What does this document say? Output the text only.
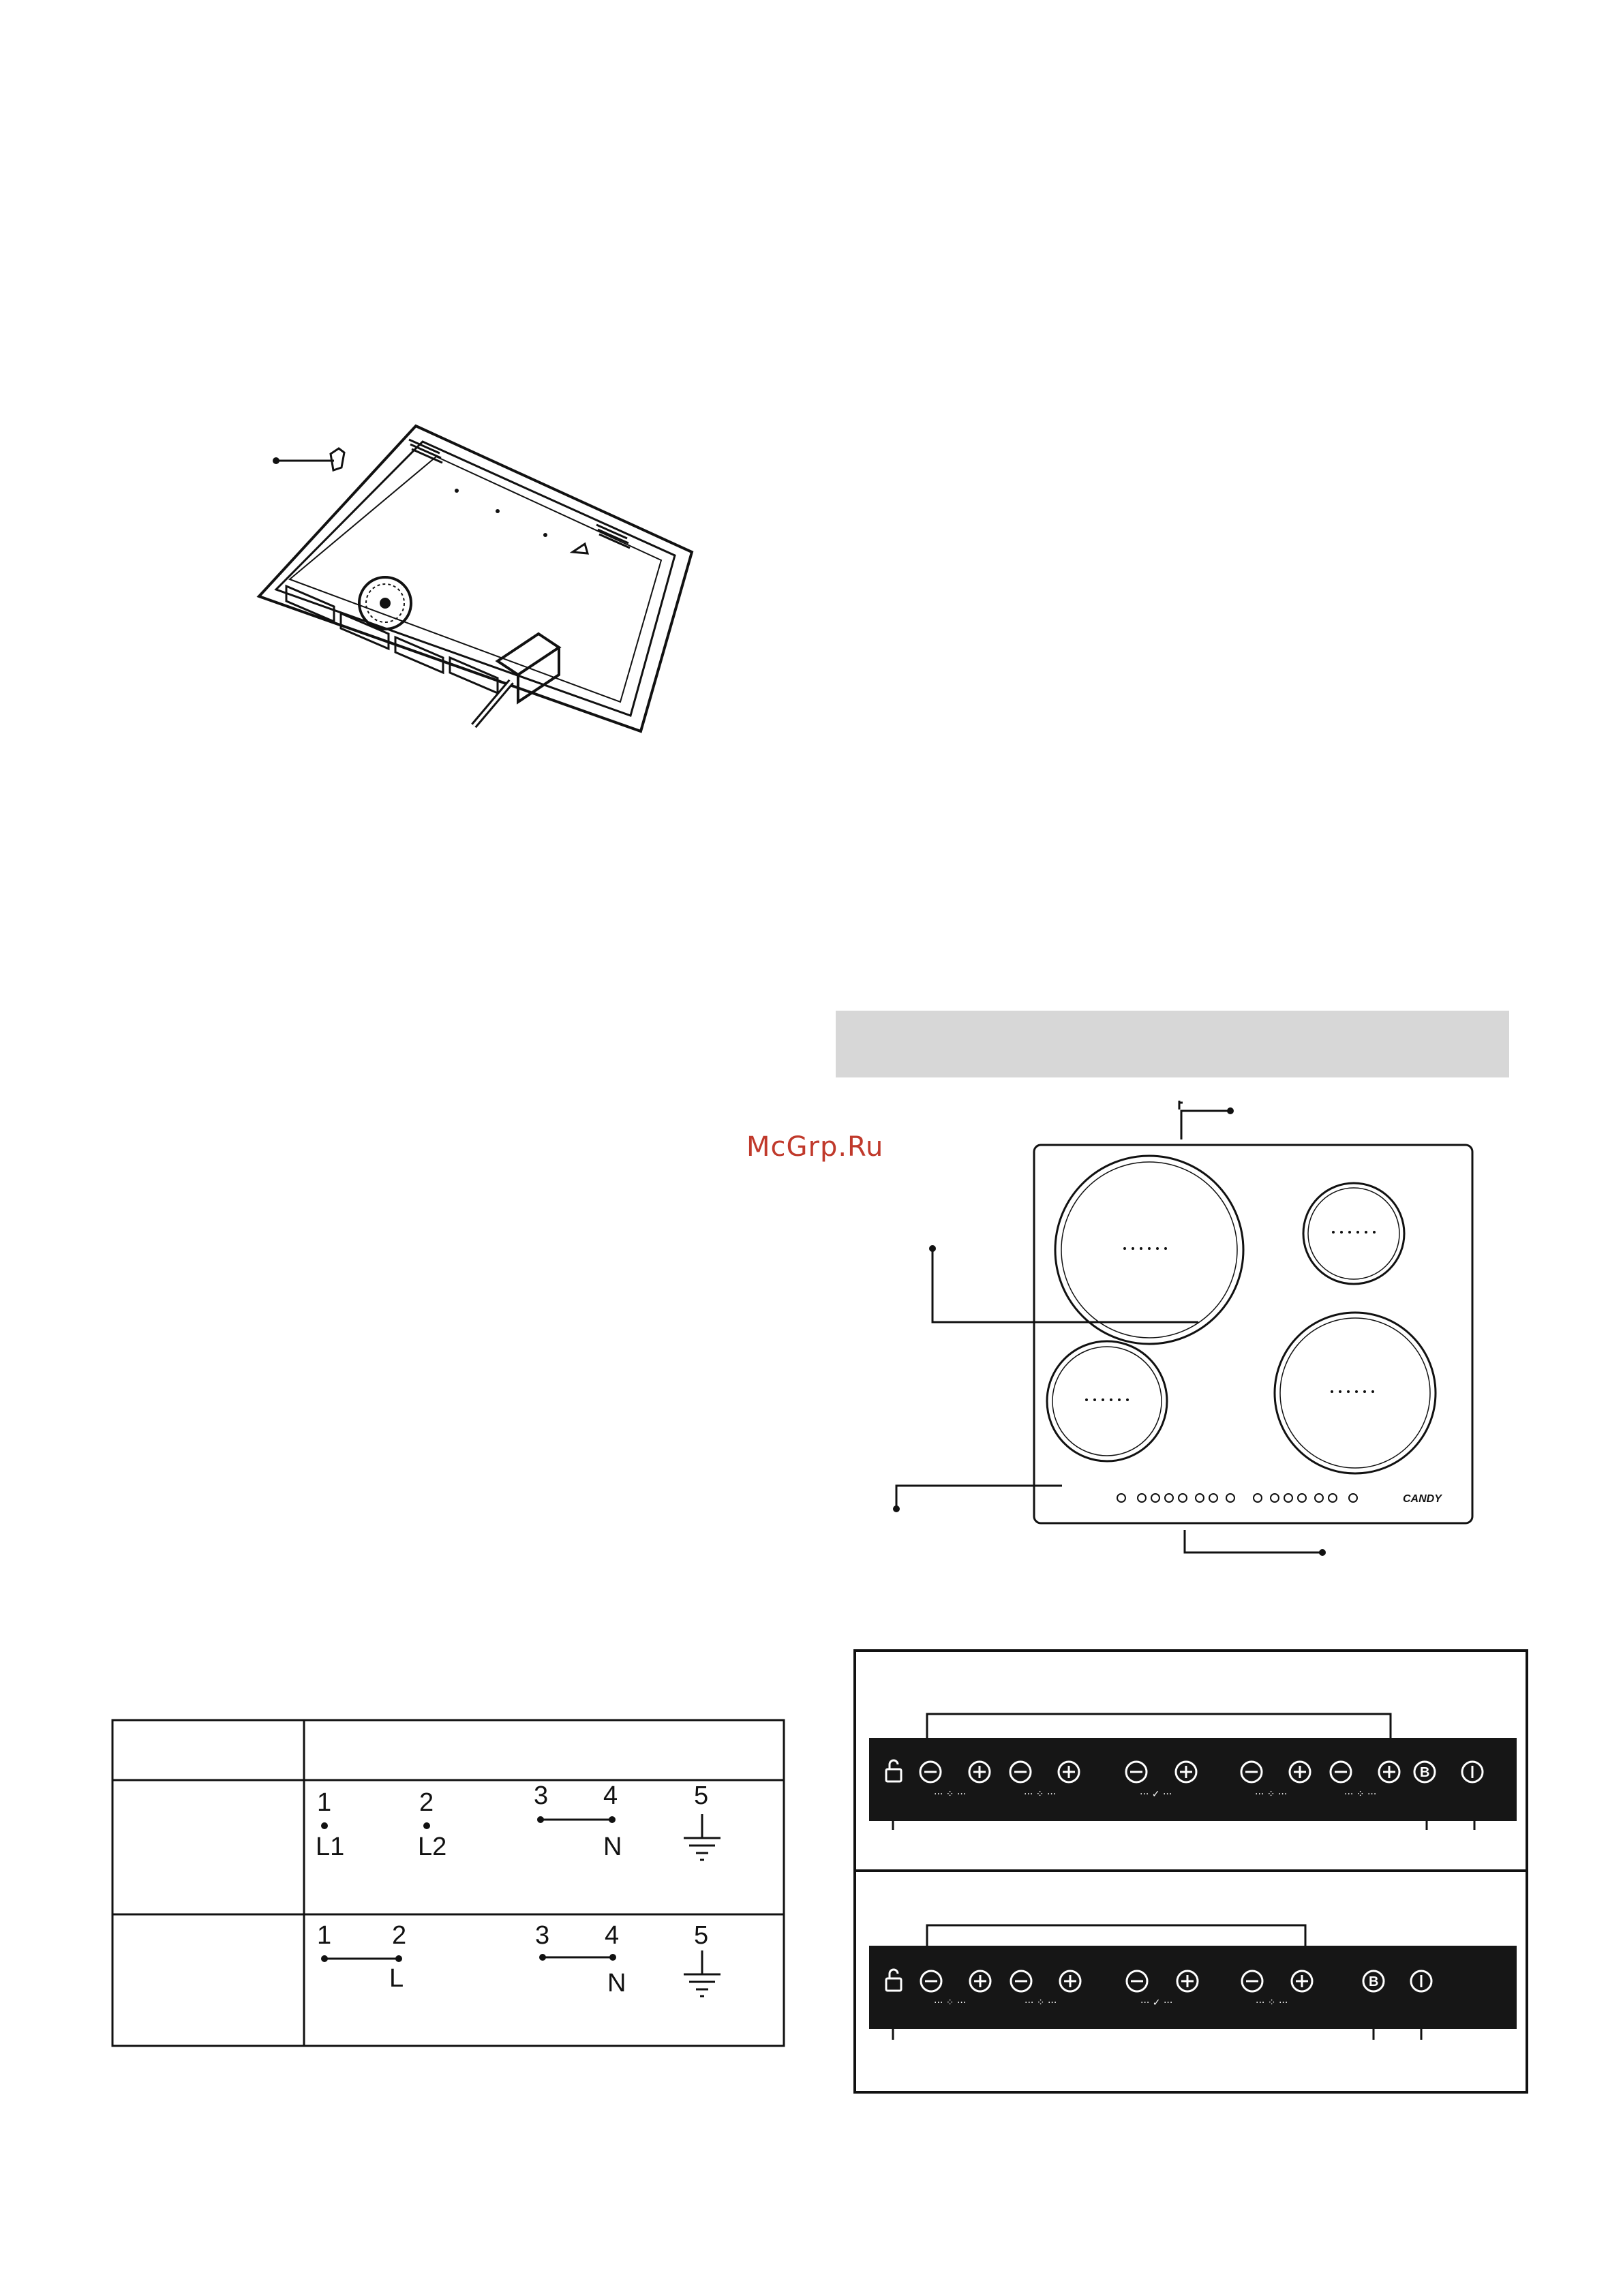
McGrp.Ru
CANDY
1	2	3 4	5
L1	L2	N
1 2	3 4	5
L	N
B
··· ⁘ ···	··· ⁘ ···	··· ✓ ···	··· ⁘ ···	··· ⁘ ···
B
··· ⁘ ···	··· ⁘ ···	··· ✓ ···	··· ⁘ ···
